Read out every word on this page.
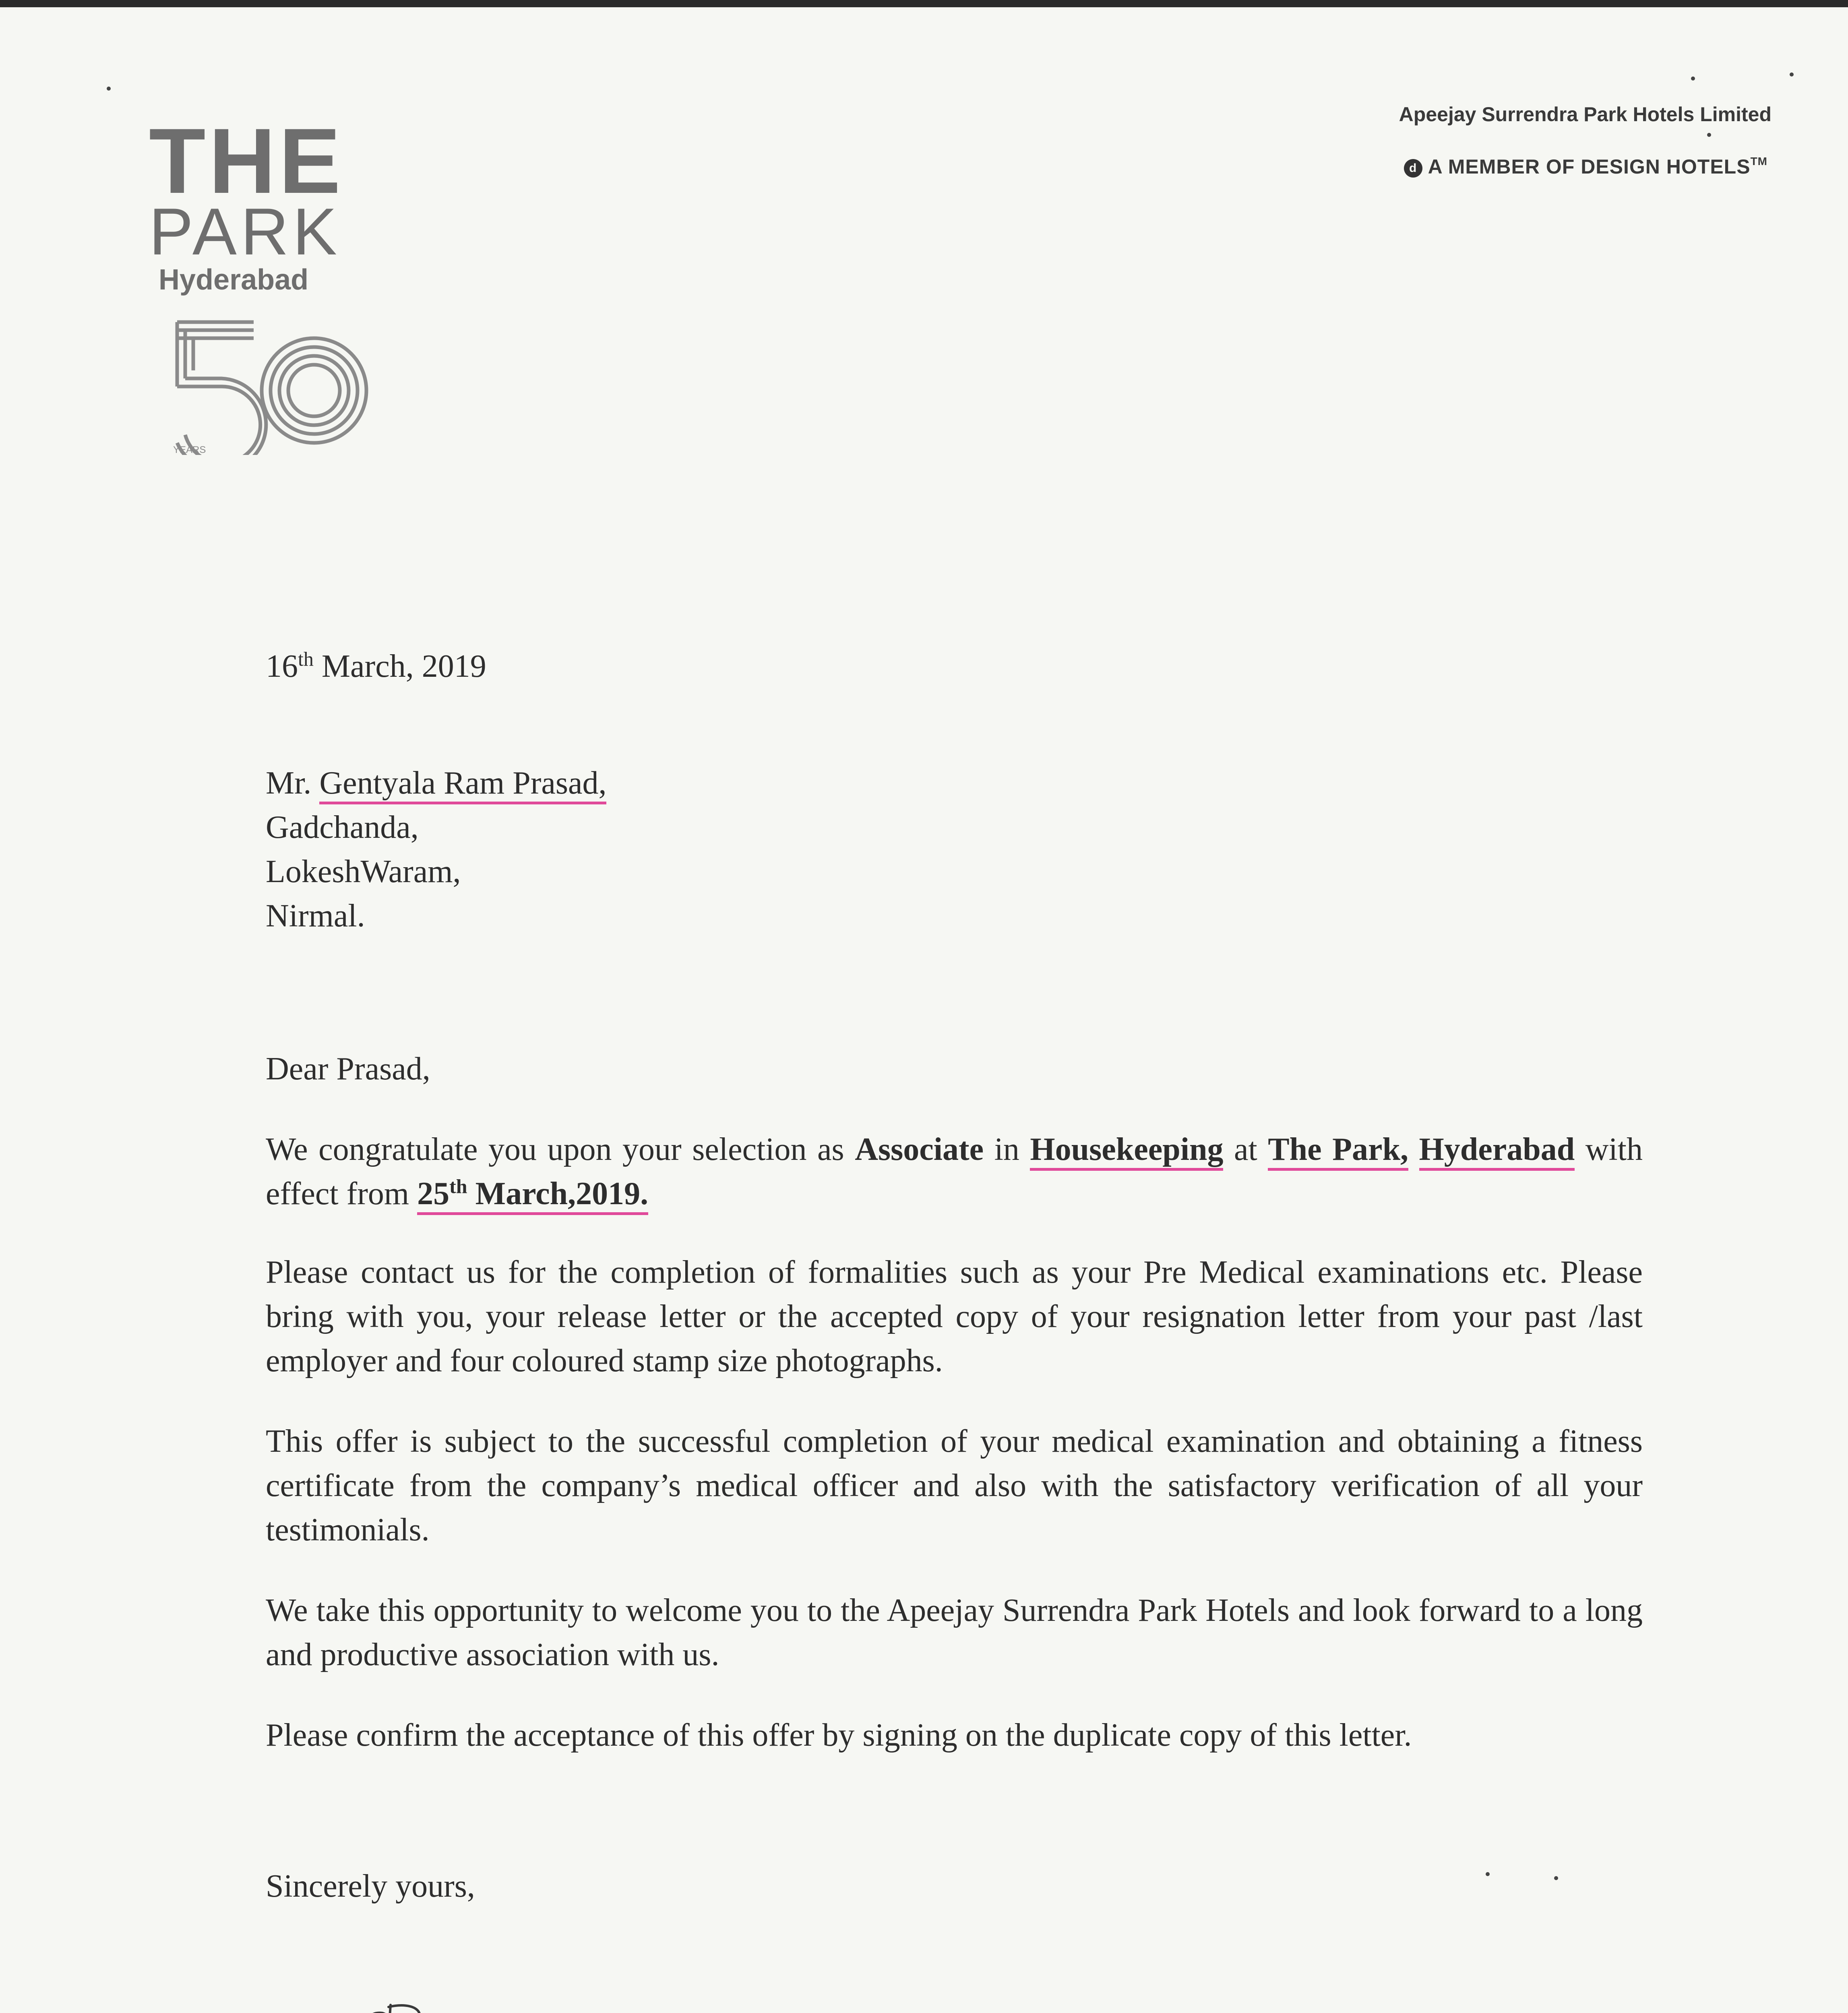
THE
PARK
Hyderabad
YEARS
Apeejay Surrendra Park Hotels Limited
d A MEMBER OF DESIGN HOTELS™
16th March, 2019
Mr. Gentyala Ram Prasad,
Gadchanda,
LokeshWaram,
Nirmal.
Dear Prasad,
We congratulate you upon your selection as Associate in Housekeeping at The Park, Hyderabad with effect from 25th March,2019.
Please contact us for the completion of formalities such as your Pre Medical examinations etc. Please bring with you, your release letter or the accepted copy of your resignation letter from your past /last employer and four coloured stamp size photographs.
This offer is subject to the successful completion of your medical examination and obtaining a fitness certificate from the company’s medical officer and also with the satisfactory verification of all your testimonials.
We take this opportunity to welcome you to the Apeejay Surrendra Park Hotels and look forward to a long and productive association with us.
Please confirm the acceptance of this offer by signing on the duplicate copy of this letter.
Sincerely yours,
